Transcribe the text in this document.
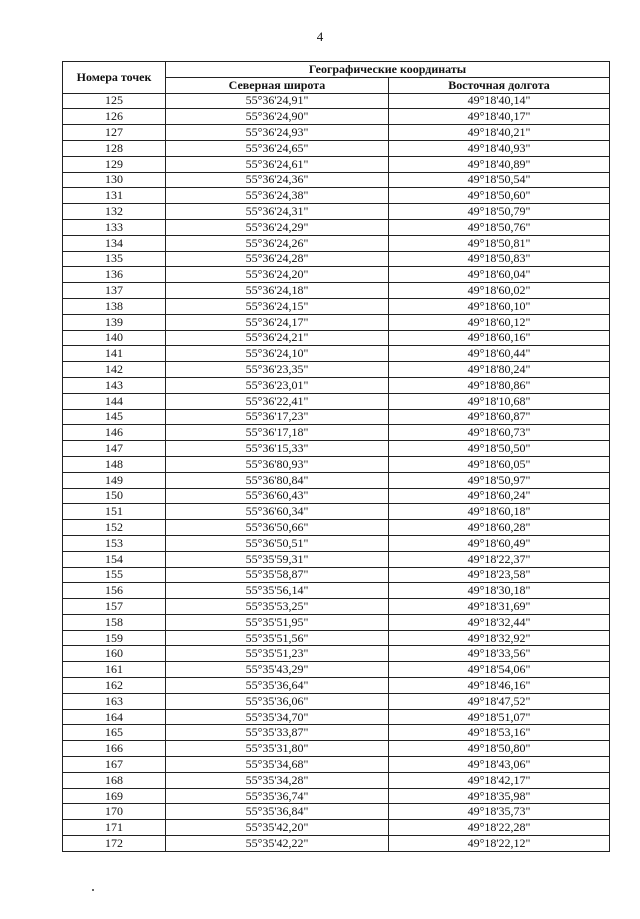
4
Номера точек	Географические координаты	
	Северная широта	Восточная долгота
125	55°36'24,91"	49°18'40,14"
126	55°36'24,90"	49°18'40,17"
127	55°36'24,93"	49°18'40,21"
128	55°36'24,65"	49°18'40,93"
129	55°36'24,61"	49°18'40,89"
130	55°36'24,36"	49°18'50,54"
131	55°36'24,38"	49°18'50,60"
132	55°36'24,31"	49°18'50,79"
133	55°36'24,29"	49°18'50,76"
134	55°36'24,26"	49°18'50,81"
135	55°36'24,28"	49°18'50,83"
136	55°36'24,20"	49°18'60,04"
137	55°36'24,18"	49°18'60,02"
138	55°36'24,15"	49°18'60,10"
139	55°36'24,17"	49°18'60,12"
140	55°36'24,21"	49°18'60,16"
141	55°36'24,10"	49°18'60,44"
142	55°36'23,35"	49°18'80,24"
143	55°36'23,01"	49°18'80,86"
144	55°36'22,41"	49°18'10,68"
145	55°36'17,23"	49°18'60,87"
146	55°36'17,18"	49°18'60,73"
147	55°36'15,33"	49°18'50,50"
148	55°36'80,93"	49°18'60,05"
149	55°36'80,84"	49°18'50,97"
150	55°36'60,43"	49°18'60,24"
151	55°36'60,34"	49°18'60,18"
152	55°36'50,66"	49°18'60,28"
153	55°36'50,51"	49°18'60,49"
154	55°35'59,31"	49°18'22,37"
155	55°35'58,87"	49°18'23,58"
156	55°35'56,14"	49°18'30,18"
157	55°35'53,25"	49°18'31,69"
158	55°35'51,95"	49°18'32,44"
159	55°35'51,56"	49°18'32,92"
160	55°35'51,23"	49°18'33,56"
161	55°35'43,29"	49°18'54,06"
162	55°35'36,64"	49°18'46,16"
163	55°35'36,06"	49°18'47,52"
164	55°35'34,70"	49°18'51,07"
165	55°35'33,87"	49°18'53,16"
166	55°35'31,80"	49°18'50,80"
167	55°35'34,68"	49°18'43,06"
168	55°35'34,28"	49°18'42,17"
169	55°35'36,74"	49°18'35,98"
170	55°35'36,84"	49°18'35,73"
171	55°35'42,20"	49°18'22,28"
172	55°35'42,22"	49°18'22,12"
